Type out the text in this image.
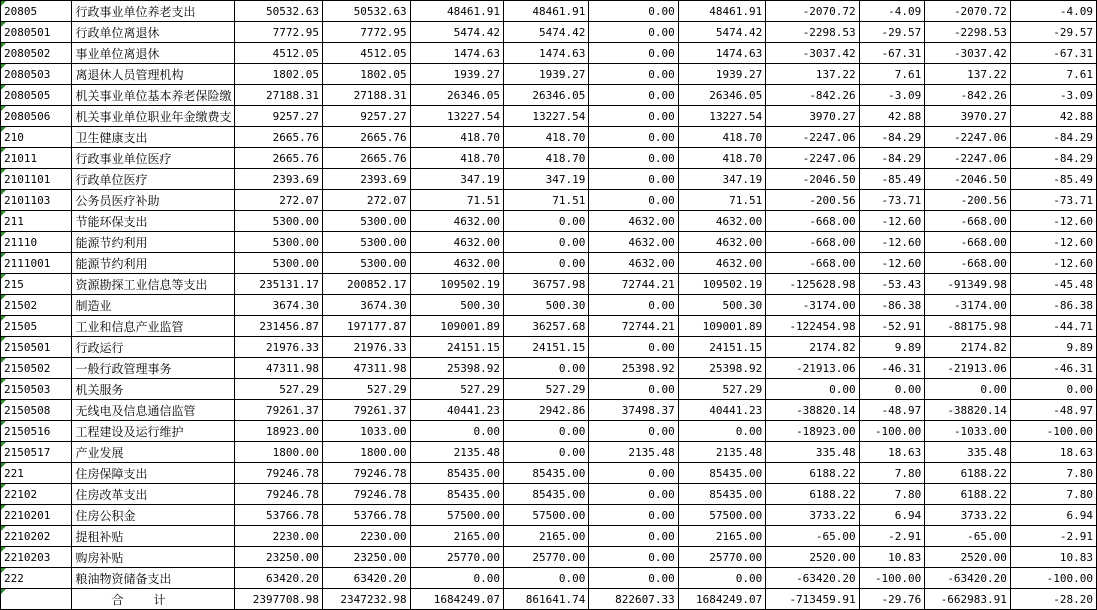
20805	行政事业单位养老支出	50532.63	50532.63	48461.91	48461.91	0.00	48461.91	-2070.72	-4.09	-2070.72	-4.09
2080501	行政单位离退休	7772.95	7772.95	5474.42	5474.42	0.00	5474.42	-2298.53	-29.57	-2298.53	-29.57
2080502	事业单位离退休	4512.05	4512.05	1474.63	1474.63	0.00	1474.63	-3037.42	-67.31	-3037.42	-67.31
2080503	离退休人员管理机构	1802.05	1802.05	1939.27	1939.27	0.00	1939.27	137.22	7.61	137.22	7.61
2080505	机关事业单位基本养老保险缴	27188.31	27188.31	26346.05	26346.05	0.00	26346.05	-842.26	-3.09	-842.26	-3.09
2080506	机关事业单位职业年金缴费支	9257.27	9257.27	13227.54	13227.54	0.00	13227.54	3970.27	42.88	3970.27	42.88
210	卫生健康支出	2665.76	2665.76	418.70	418.70	0.00	418.70	-2247.06	-84.29	-2247.06	-84.29
21011	行政事业单位医疗	2665.76	2665.76	418.70	418.70	0.00	418.70	-2247.06	-84.29	-2247.06	-84.29
2101101	行政单位医疗	2393.69	2393.69	347.19	347.19	0.00	347.19	-2046.50	-85.49	-2046.50	-85.49
2101103	公务员医疗补助	272.07	272.07	71.51	71.51	0.00	71.51	-200.56	-73.71	-200.56	-73.71
211	节能环保支出	5300.00	5300.00	4632.00	0.00	4632.00	4632.00	-668.00	-12.60	-668.00	-12.60
21110	能源节约利用	5300.00	5300.00	4632.00	0.00	4632.00	4632.00	-668.00	-12.60	-668.00	-12.60
2111001	能源节约利用	5300.00	5300.00	4632.00	0.00	4632.00	4632.00	-668.00	-12.60	-668.00	-12.60
215	资源勘探工业信息等支出	235131.17	200852.17	109502.19	36757.98	72744.21	109502.19	-125628.98	-53.43	-91349.98	-45.48
21502	制造业	3674.30	3674.30	500.30	500.30	0.00	500.30	-3174.00	-86.38	-3174.00	-86.38
21505	工业和信息产业监管	231456.87	197177.87	109001.89	36257.68	72744.21	109001.89	-122454.98	-52.91	-88175.98	-44.71
2150501	行政运行	21976.33	21976.33	24151.15	24151.15	0.00	24151.15	2174.82	9.89	2174.82	9.89
2150502	一般行政管理事务	47311.98	47311.98	25398.92	0.00	25398.92	25398.92	-21913.06	-46.31	-21913.06	-46.31
2150503	机关服务	527.29	527.29	527.29	527.29	0.00	527.29	0.00	0.00	0.00	0.00
2150508	无线电及信息通信监管	79261.37	79261.37	40441.23	2942.86	37498.37	40441.23	-38820.14	-48.97	-38820.14	-48.97
2150516	工程建设及运行维护	18923.00	1033.00	0.00	0.00	0.00	0.00	-18923.00	-100.00	-1033.00	-100.00
2150517	产业发展	1800.00	1800.00	2135.48	0.00	2135.48	2135.48	335.48	18.63	335.48	18.63
221	住房保障支出	79246.78	79246.78	85435.00	85435.00	0.00	85435.00	6188.22	7.80	6188.22	7.80
22102	住房改革支出	79246.78	79246.78	85435.00	85435.00	0.00	85435.00	6188.22	7.80	6188.22	7.80
2210201	住房公积金	53766.78	53766.78	57500.00	57500.00	0.00	57500.00	3733.22	6.94	3733.22	6.94
2210202	提租补贴	2230.00	2230.00	2165.00	2165.00	0.00	2165.00	-65.00	-2.91	-65.00	-2.91
2210203	购房补贴	23250.00	23250.00	25770.00	25770.00	0.00	25770.00	2520.00	10.83	2520.00	10.83
222	粮油物资储备支出	63420.20	63420.20	0.00	0.00	0.00	0.00	-63420.20	-100.00	-63420.20	-100.00
	合计	2397708.98	2347232.98	1684249.07	861641.74	822607.33	1684249.07	-713459.91	-29.76	-662983.91	-28.20
